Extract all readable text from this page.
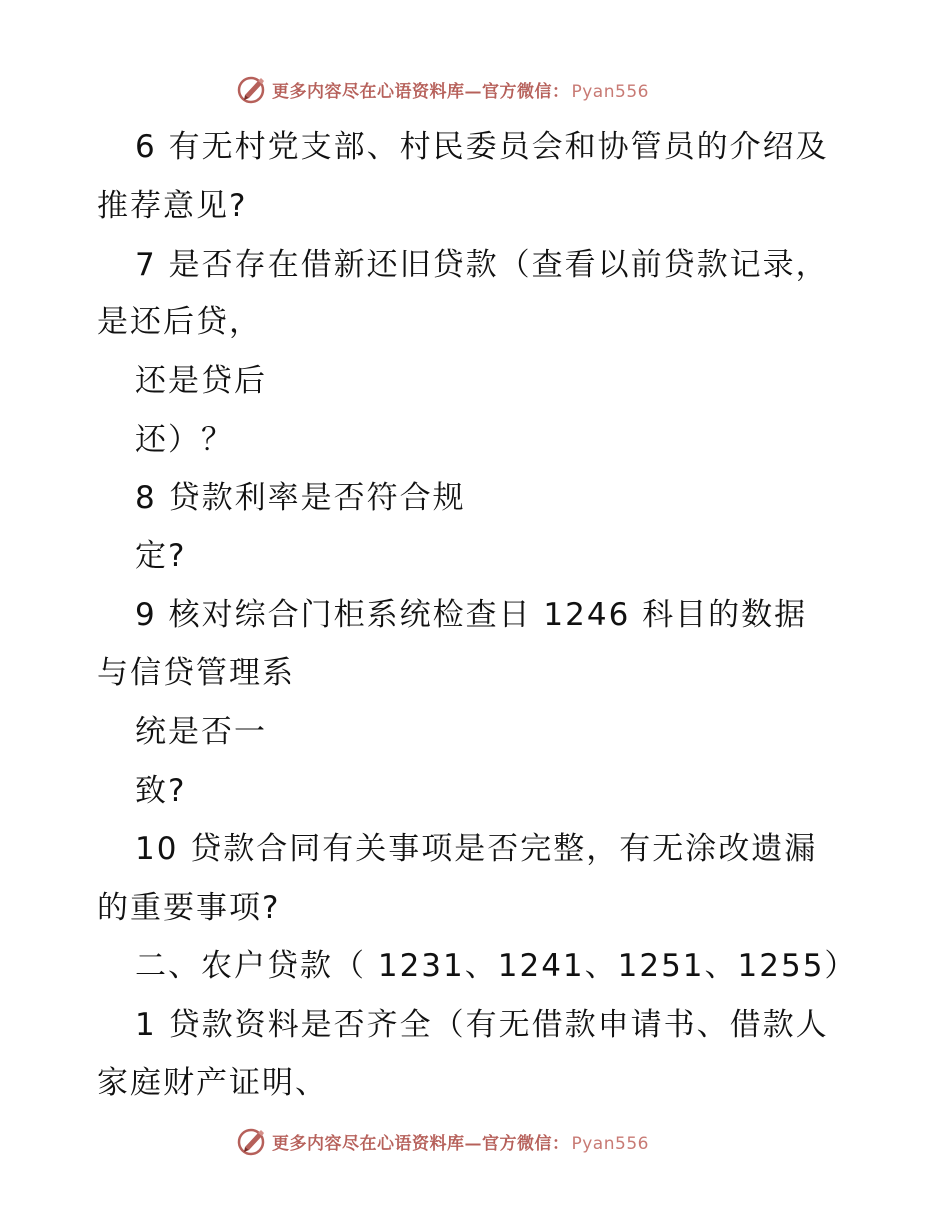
更多内容尽在心语资料库—官方微信： Pyan556
6 有无村党支部、村民委员会和协管员的介绍及
推荐意见?
7 是否存在借新还旧贷款（查看以前贷款记录，
是还后贷，
还是贷后
还）？
8 贷款利率是否符合规
定?
9 核对综合门柜系统检查日 1246 科目的数据
与信贷管理系
统是否一
致?
10 贷款合同有关事项是否完整，有无涂改遗漏
的重要事项?
二、农户贷款（ 1231、1241、1251、1255）
1 贷款资料是否齐全（有无借款申请书、借款人
家庭财产证明、
更多内容尽在心语资料库—官方微信： Pyan556
